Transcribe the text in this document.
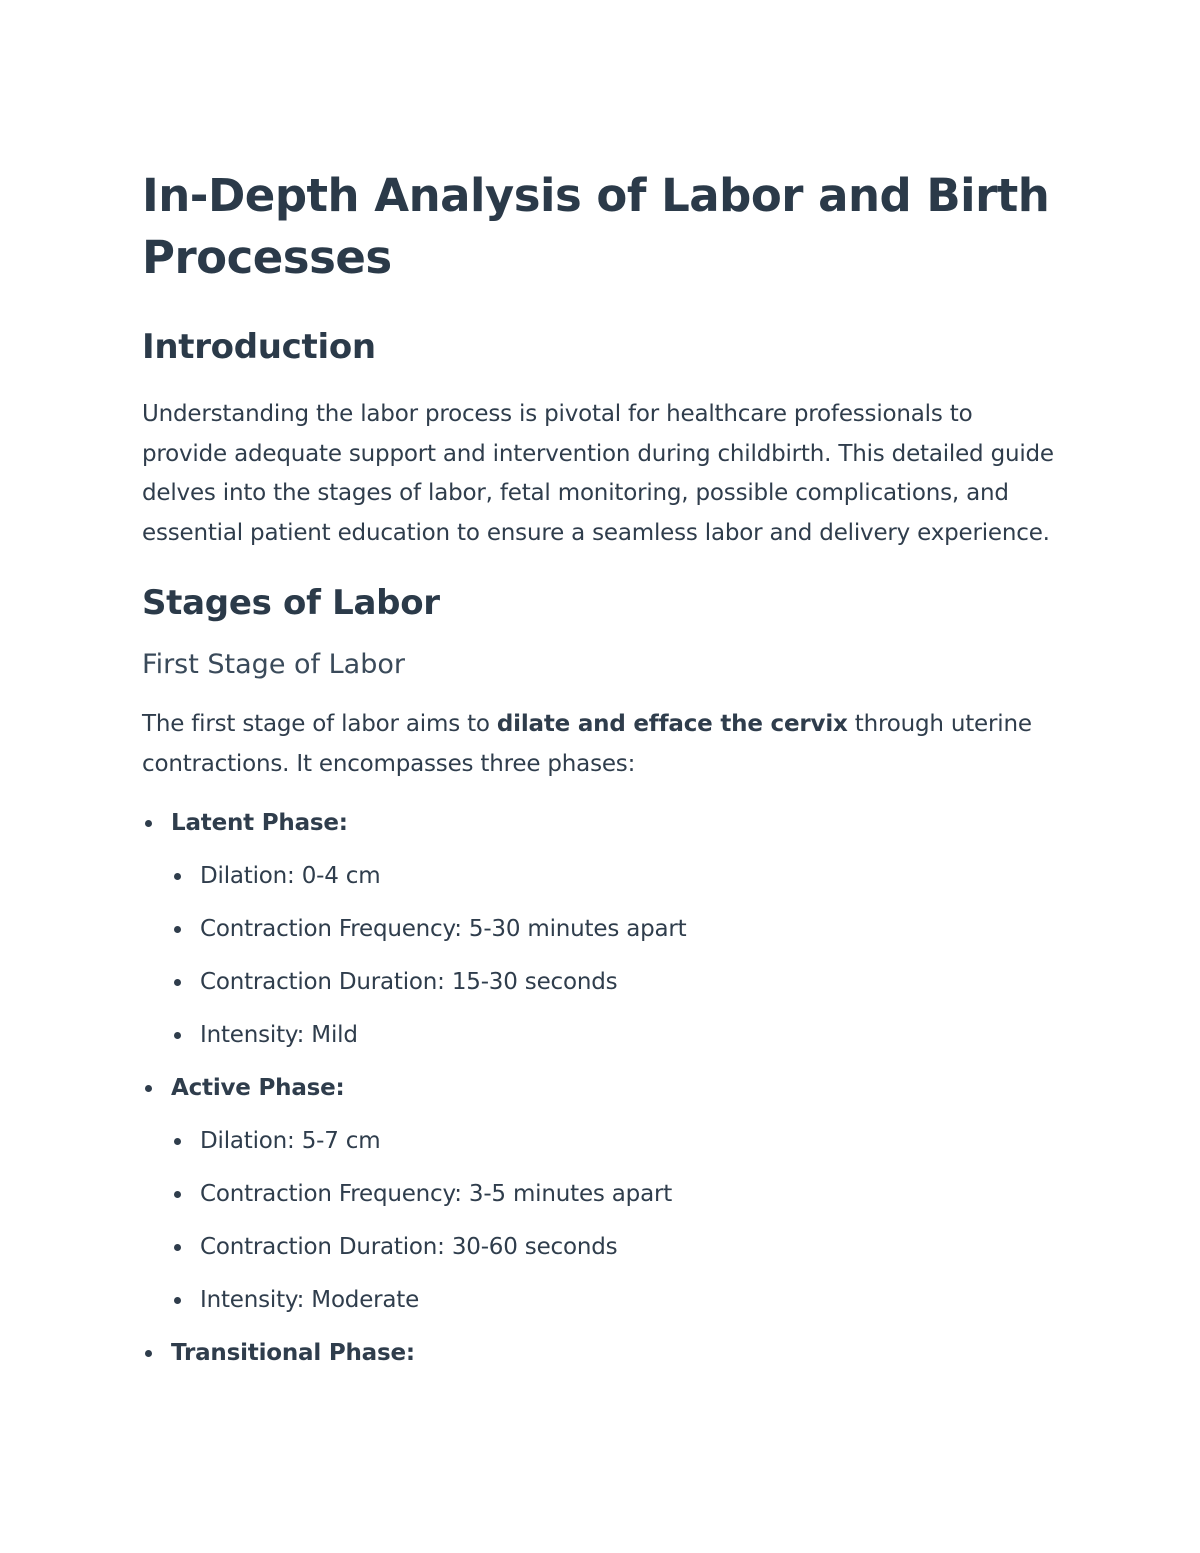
In-Depth Analysis of Labor and Birth Processes
Introduction

Understanding the labor process is pivotal for healthcare professionals to provide adequate support and intervention during childbirth. This detailed guide delves into the stages of labor, fetal monitoring, possible complications, and essential patient education to ensure a seamless labor and delivery experience.

Stages of Labor
First Stage of Labor

The first stage of labor aims to dilate and efface the cervix through uterine contractions. It encompasses three phases:

Latent Phase:
Dilation: 0-4 cm
Contraction Frequency: 5-30 minutes apart
Contraction Duration: 15-30 seconds
Intensity: Mild
Active Phase:
Dilation: 5-7 cm
Contraction Frequency: 3-5 minutes apart
Contraction Duration: 30-60 seconds
Intensity: Moderate
Transitional Phase:
